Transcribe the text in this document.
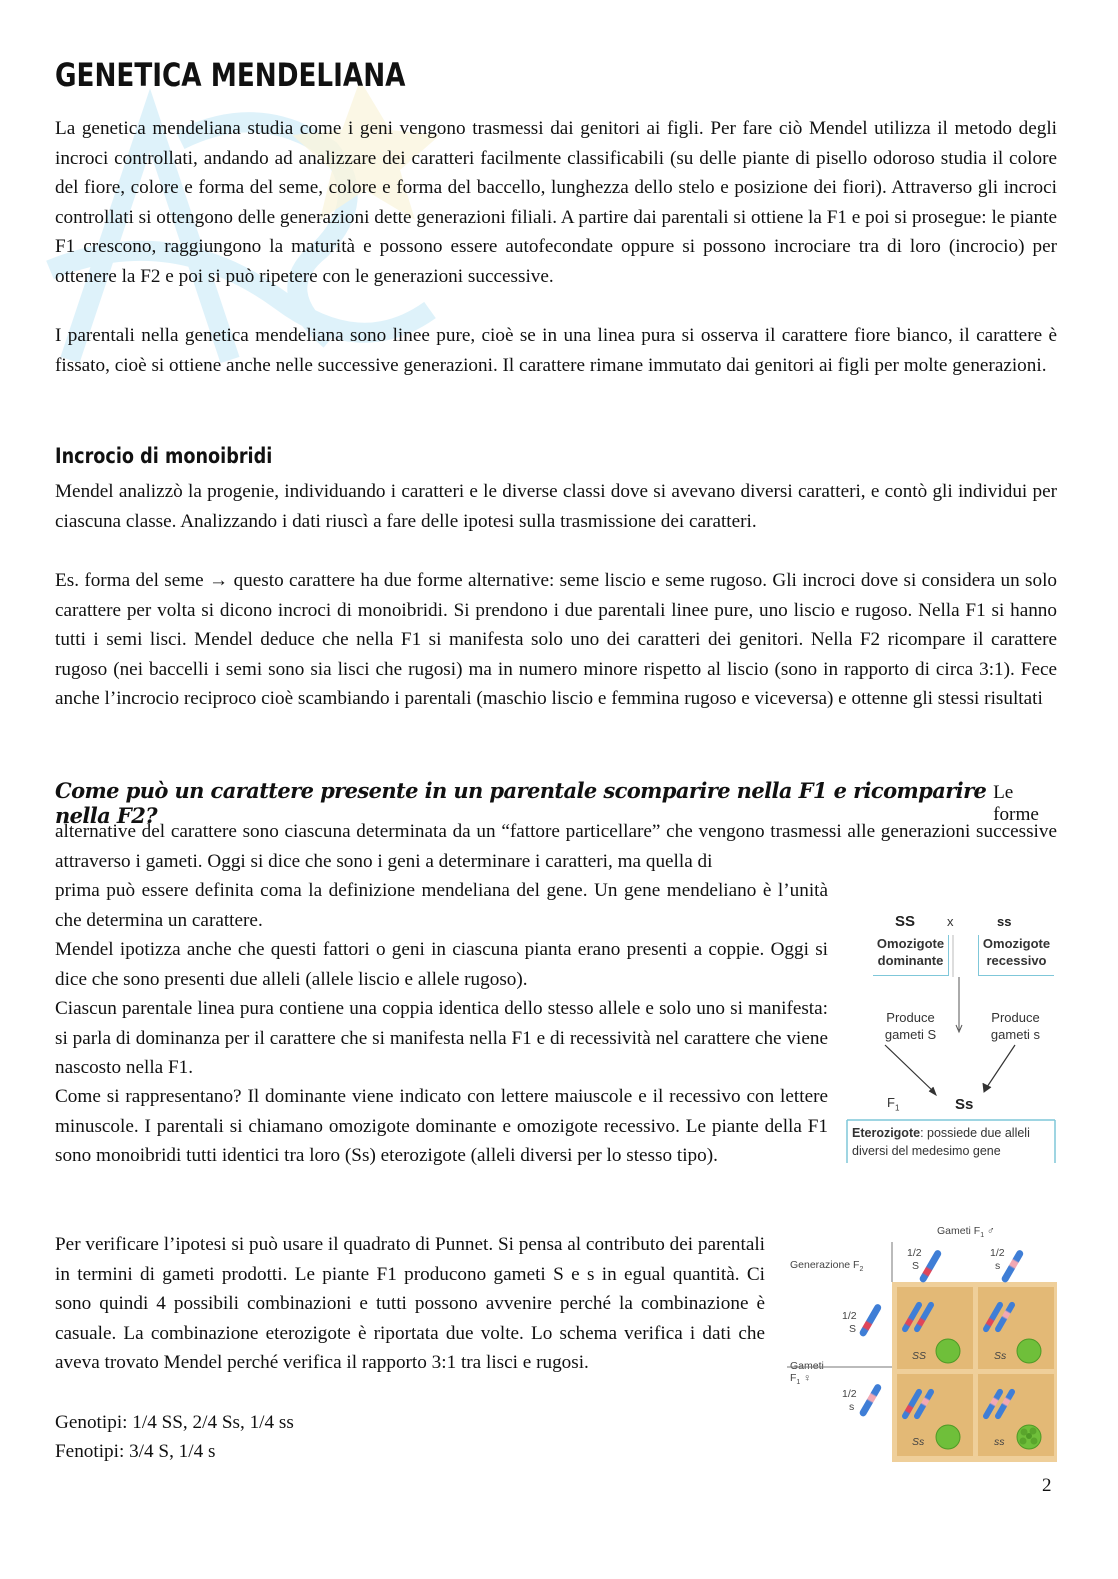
GENETICA MENDELIANA

La genetica mendeliana studia come i geni vengono trasmessi dai genitori ai figli. Per fare ciò Mendel utilizza il metodo degli incroci controllati, andando ad analizzare dei caratteri facilmente classificabili (su delle piante di pisello odoroso studia il colore del fiore, colore e forma del seme, colore e forma del baccello, lunghezza dello stelo e posizione dei fiori). Attraverso gli incroci controllati si ottengono delle generazioni dette generazioni filiali. A partire dai parentali si ottiene la F1 e poi si prosegue: le piante F1 crescono, raggiungono la maturità e possono essere autofecondate oppure si possono incrociare tra di loro (incrocio) per ottenere la F2 e poi si può ripetere con le generazioni successive.

I parentali nella genetica mendeliana sono linee pure, cioè se in una linea pura si osserva il carattere fiore bianco, il carattere è fissato, cioè si ottiene anche nelle successive generazioni. Il carattere rimane immutato dai genitori ai figli per molte generazioni.

Incrocio di monoibridi

Mendel analizzò la progenie, individuando i caratteri e le diverse classi dove si avevano diversi caratteri, e contò gli individui per ciascuna classe. Analizzando i dati riuscì a fare delle ipotesi sulla trasmissione dei caratteri.

Es. forma del seme → questo carattere ha due forme alternative: seme liscio e seme rugoso. Gli incroci dove si considera un solo carattere per volta si dicono incroci di monoibridi. Si prendono i due parentali linee pure, uno liscio e rugoso. Nella F1 si hanno tutti i semi lisci. Mendel deduce che nella F1 si manifesta solo uno dei caratteri dei genitori. Nella F2 ricompare il carattere rugoso (nei baccelli i semi sono sia lisci che rugosi) ma in numero minore rispetto al liscio (sono in rapporto di circa 3:1). Fece anche l’incrocio reciproco cioè scambiando i parentali (maschio liscio e femmina rugoso e viceversa) e ottenne gli stessi risultati

Come può un carattere presente in un parentale scomparire nella F1 e ricomparire nella F2?
Le forme

alternative del carattere sono ciascuna determinata da un “fattore particellare” che vengono trasmessi alle generazioni successive attraverso i gameti. Oggi si dice che sono i geni a determinare i caratteri, ma quella di

prima può essere definita coma la definizione mendeliana del gene. Un gene mendeliano è l’unità che determina un carattere.

Mendel ipotizza anche che questi fattori o geni in ciascuna pianta erano presenti a coppie. Oggi si dice che sono presenti due alleli (allele liscio e allele rugoso).

Ciascun parentale linea pura contiene una coppia identica dello stesso allele e solo uno si manifesta: si parla di dominanza per il carattere che si manifesta nella F1 e di recessività nel carattere che viene nascosto nella F1.

Come si rappresentano? Il dominante viene indicato con lettere maiuscole e il recessivo con lettere minuscole. I parentali si chiamano omozigote dominante e omozigote recessivo. Le piante della F1 sono monoibridi tutti identici tra loro (Ss) eterozigote (alleli diversi per lo stesso tipo).

Per verificare l’ipotesi si può usare il quadrato di Punnet. Si pensa al contributo dei parentali in termini di gameti prodotti. Le piante F1 producono gameti S e s in egual quantità. Ci sono quindi 4 possibili combinazioni e tutti possono avvenire perché la combinazione è casuale. La combinazione eterozigote è riportata due volte. Lo schema verifica i dati che aveva trovato Mendel perché verifica il rapporto 3:1 tra lisci e rugosi.

Genotipi: 1/4 SS, 2/4 Ss, 1/4 ss

Fenotipi: 3/4 S, 1/4 s

SS x	ss
Omozigote dominante
Omozigote recessivo
Produce gameti S
Produce gameti s
$F_1$	Ss
Eterozigote: possiede due alleli diversi del medesimo gene
Gameti $F_1$ ♂
Generazione $F_2$
Gameti
$F_1$ ♀
1/2
S
1/2
s
1/2
S
1/2
s
SS	Ss
Ss	ss
2
